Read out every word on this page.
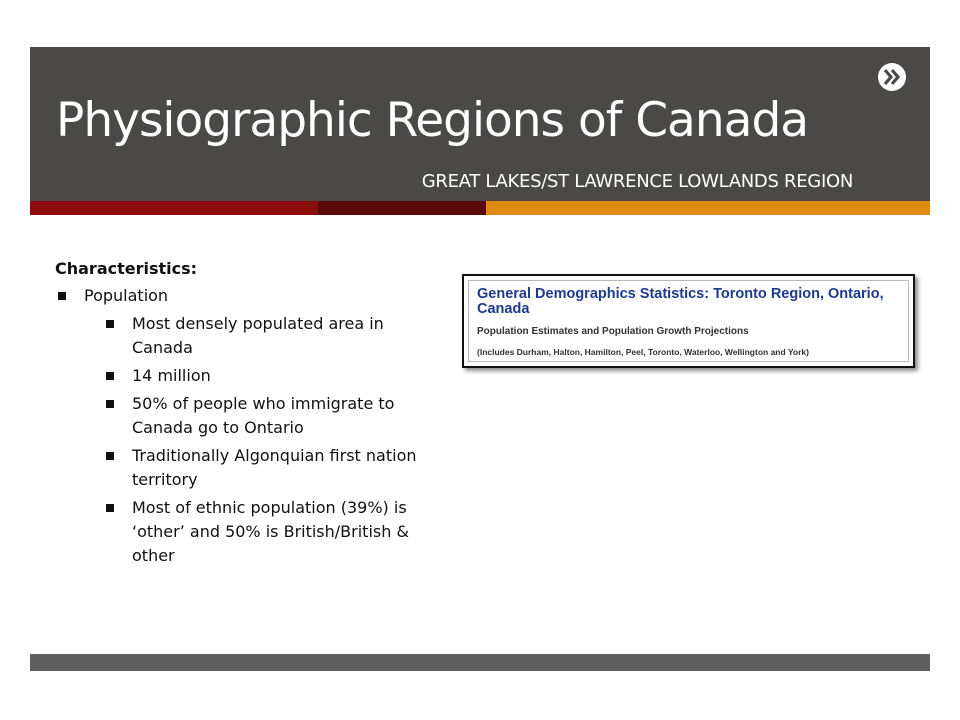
Physiographic Regions of Canada
GREAT LAKES/ST LAWRENCE LOWLANDS REGION
Characteristics:
Population
Most densely populated area in Canada
14 million
50% of people who immigrate to Canada go to Ontario
Traditionally Algonquian first nation territory
Most of ethnic population (39%) is ‘other’ and 50% is British/British & other
General Demographics Statistics: Toronto Region, Ontario, Canada
Population Estimates and Population Growth Projections
(Includes Durham, Halton, Hamilton, Peel, Toronto, Waterloo, Wellington and York)
